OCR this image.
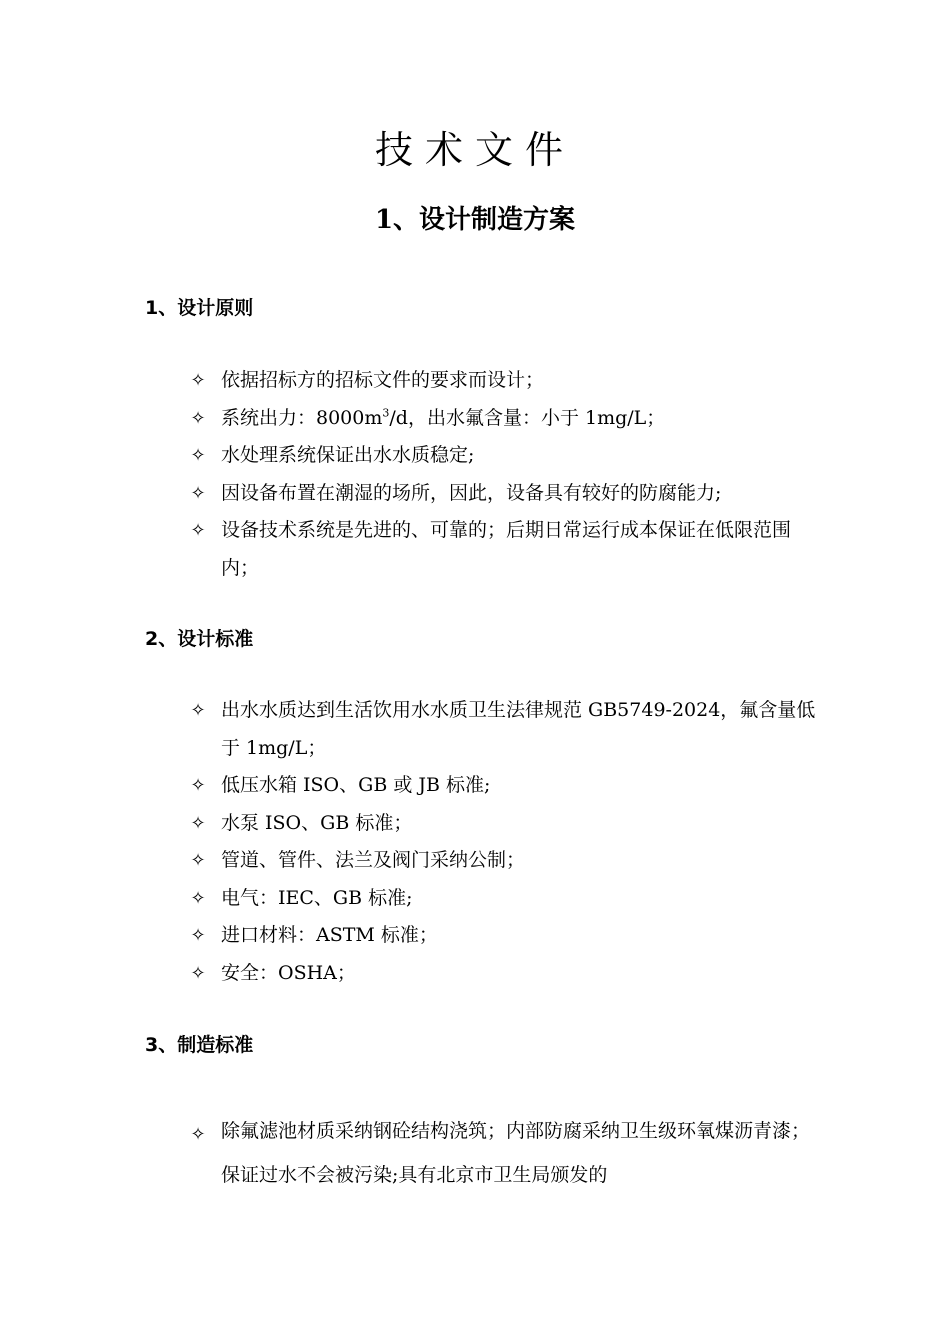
技术文件
1、设计制造方案
1、设计原则
✧ 依据招标方的招标文件的要求而设计；
✧ 系统出力：$8000m^3/d$，出水氟含量：小于 1mg/L；
✧ 水处理系统保证出水水质稳定;
✧ 因设备布置在潮湿的场所，因此，设备具有较好的防腐能力;
✧ 设备技术系统是先进的、可靠的；后期日常运行成本保证在低限范围内；
2、设计标准
✧ 出水水质达到生活饮用水水质卫生法律规范 GB5749-2024，氟含量低于 1mg/L；
✧ 低压水箱 ISO、GB 或 JB 标准;
✧ 水泵 ISO、GB 标准；
✧ 管道、管件、法兰及阀门采纳公制；
✧ 电气：IEC、GB 标准;
✧ 进口材料：ASTM 标准；
✧ 安全：OSHA；
3、制造标准
✧ 除氟滤池材质采纳钢砼结构浇筑；内部防腐采纳卫生级环氧煤沥青漆；保证过水不会被污染;具有北京市卫生局颁发的
